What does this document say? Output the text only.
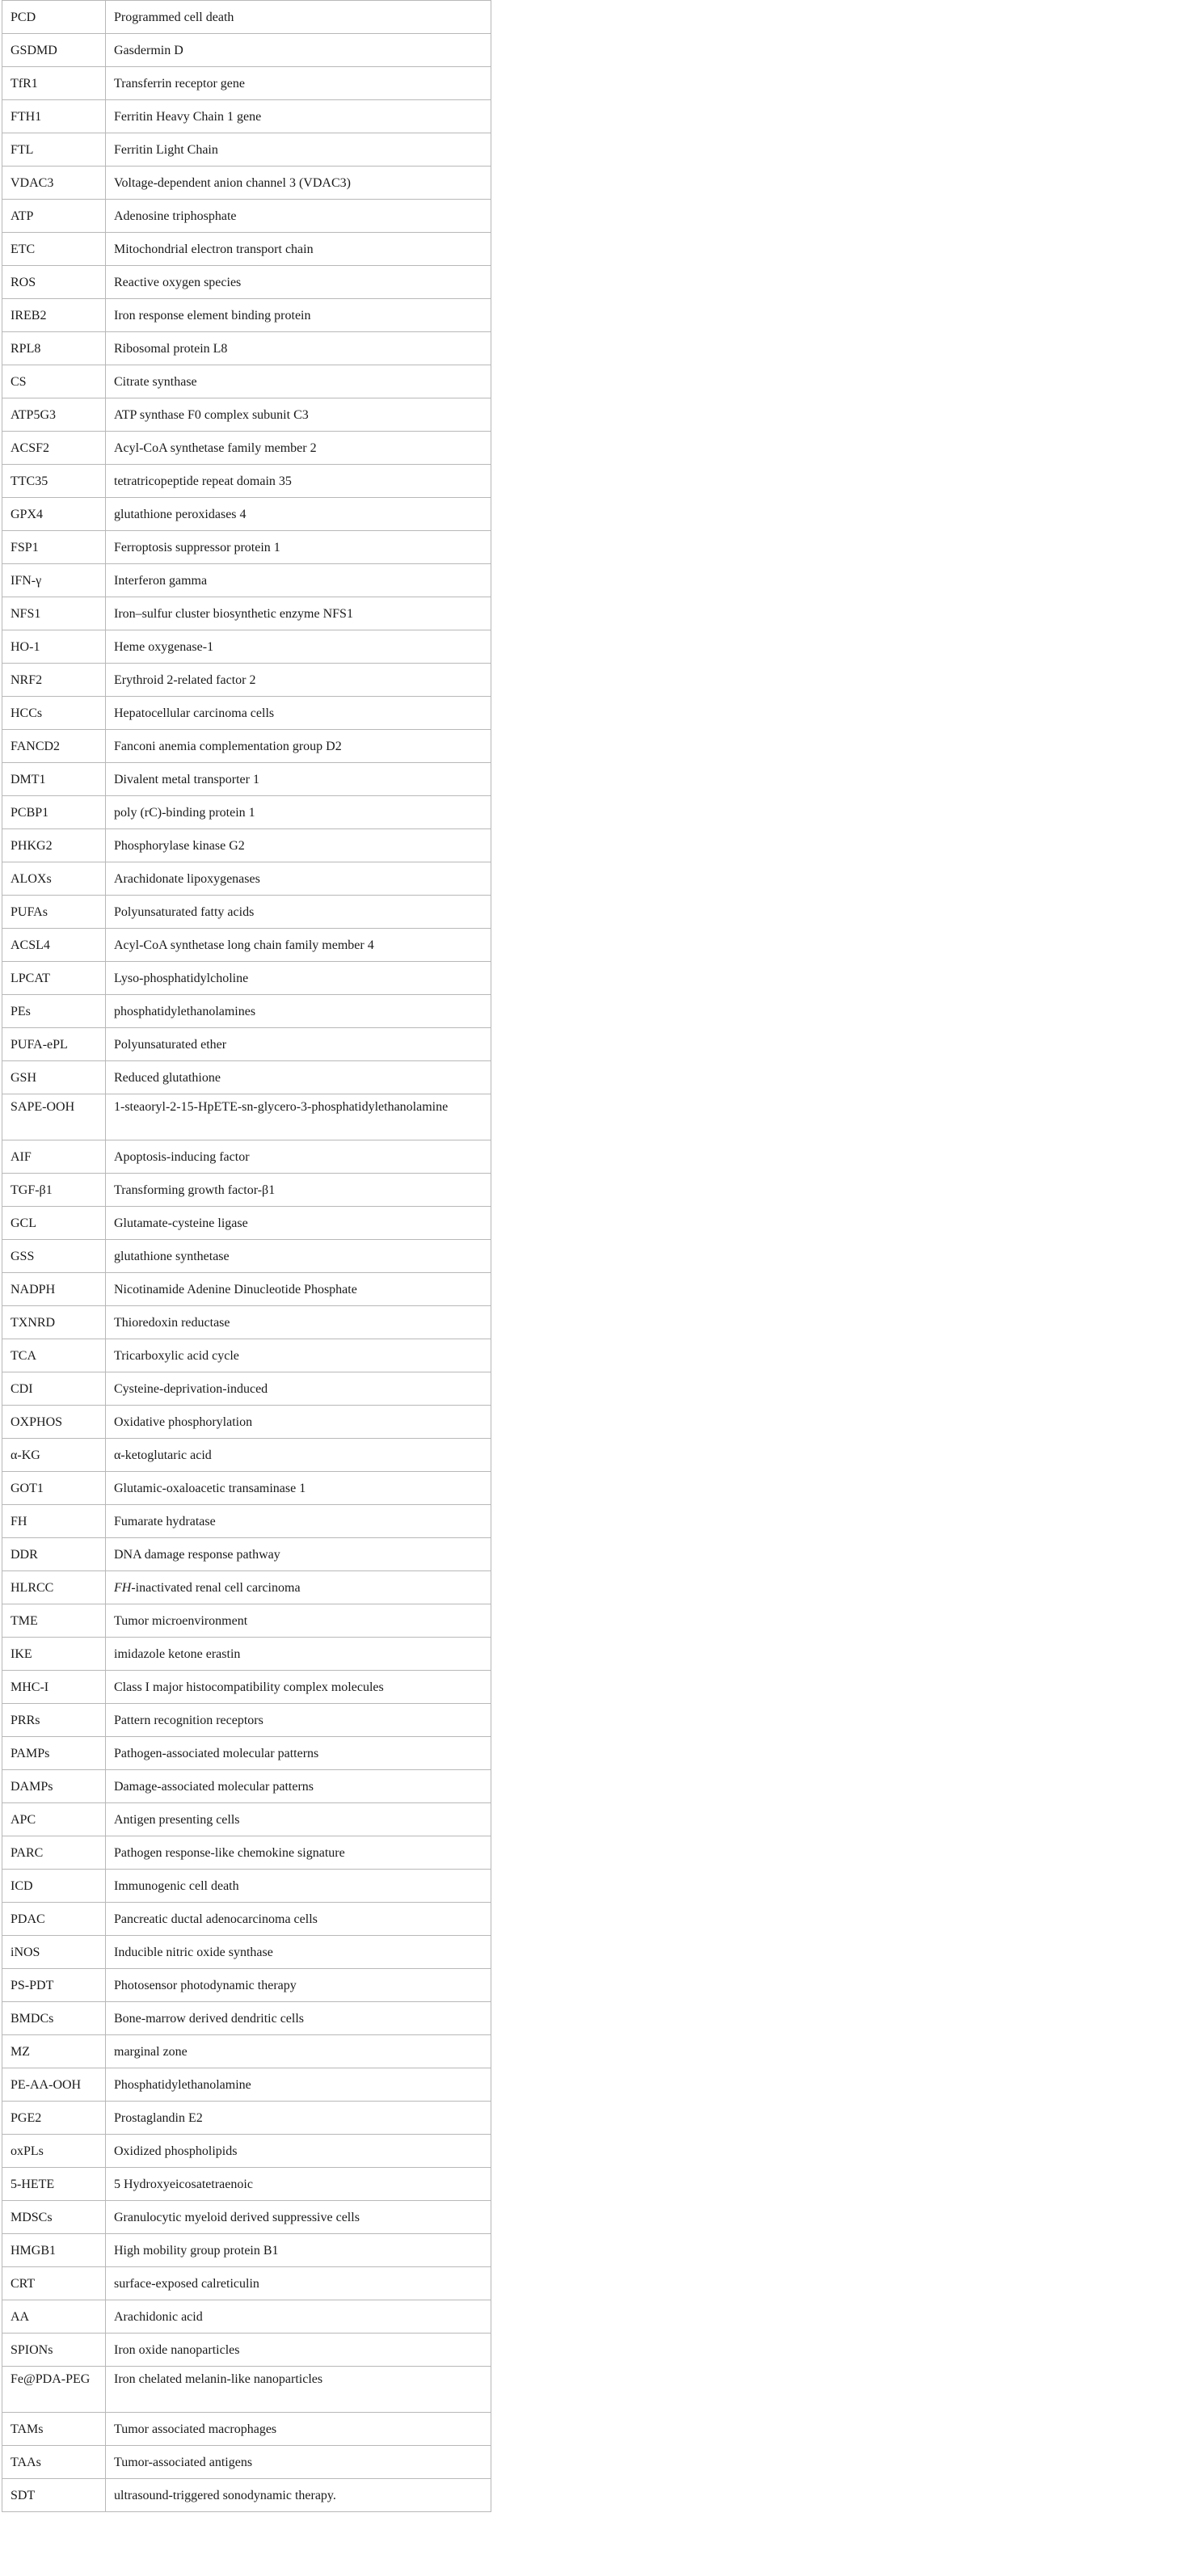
PCD	Programmed cell death
GSDMD	Gasdermin D
TfR1	Transferrin receptor gene
FTH1	Ferritin Heavy Chain 1 gene
FTL	Ferritin Light Chain
VDAC3	Voltage-dependent anion channel 3 (VDAC3)
ATP	Adenosine triphosphate
ETC	Mitochondrial electron transport chain
ROS	Reactive oxygen species
IREB2	Iron response element binding protein
RPL8	Ribosomal protein L8
CS	Citrate synthase
ATP5G3	ATP synthase F0 complex subunit C3
ACSF2	Acyl-CoA synthetase family member 2
TTC35	tetratricopeptide repeat domain 35
GPX4	glutathione peroxidases 4
FSP1	Ferroptosis suppressor protein 1
IFN-γ	Interferon gamma
NFS1	Iron–sulfur cluster biosynthetic enzyme NFS1
HO-1	Heme oxygenase-1
NRF2	Erythroid 2-related factor 2
HCCs	Hepatocellular carcinoma cells
FANCD2	Fanconi anemia complementation group D2
DMT1	Divalent metal transporter 1
PCBP1	poly (rC)-binding protein 1
PHKG2	Phosphorylase kinase G2
ALOXs	Arachidonate lipoxygenases
PUFAs	Polyunsaturated fatty acids
ACSL4	Acyl-CoA synthetase long chain family member 4
LPCAT	Lyso-phosphatidylcholine
PEs	phosphatidylethanolamines
PUFA-ePL	Polyunsaturated ether
GSH	Reduced glutathione
SAPE-OOH	1-steaoryl-2-15-HpETE-sn-glycero-3-phosphatidylethanolamine
AIF	Apoptosis-inducing factor
TGF-β1	Transforming growth factor-β1
GCL	Glutamate-cysteine ligase
GSS	glutathione synthetase
NADPH	Nicotinamide Adenine Dinucleotide Phosphate
TXNRD	Thioredoxin reductase
TCA	Tricarboxylic acid cycle
CDI	Cysteine-deprivation-induced
OXPHOS	Oxidative phosphorylation
α-KG	α-ketoglutaric acid
GOT1	Glutamic-oxaloacetic transaminase 1
FH	Fumarate hydratase
DDR	DNA damage response pathway
HLRCC	FH-inactivated renal cell carcinoma
TME	Tumor microenvironment
IKE	imidazole ketone erastin
MHC-I	Class I major histocompatibility complex molecules
PRRs	Pattern recognition receptors
PAMPs	Pathogen-associated molecular patterns
DAMPs	Damage-associated molecular patterns
APC	Antigen presenting cells
PARC	Pathogen response-like chemokine signature
ICD	Immunogenic cell death
PDAC	Pancreatic ductal adenocarcinoma cells
iNOS	Inducible nitric oxide synthase
PS-PDT	Photosensor photodynamic therapy
BMDCs	Bone-marrow derived dendritic cells
MZ	marginal zone
PE-AA-OOH	Phosphatidylethanolamine
PGE2	Prostaglandin E2
oxPLs	Oxidized phospholipids
5-HETE	5 Hydroxyeicosatetraenoic
MDSCs	Granulocytic myeloid derived suppressive cells
HMGB1	High mobility group protein B1
CRT	surface-exposed calreticulin
AA	Arachidonic acid
SPIONs	Iron oxide nanoparticles
Fe@PDA-PEG	Iron chelated melanin-like nanoparticles
TAMs	Tumor associated macrophages
TAAs	Tumor-associated antigens
SDT	ultrasound-triggered sonodynamic therapy.
